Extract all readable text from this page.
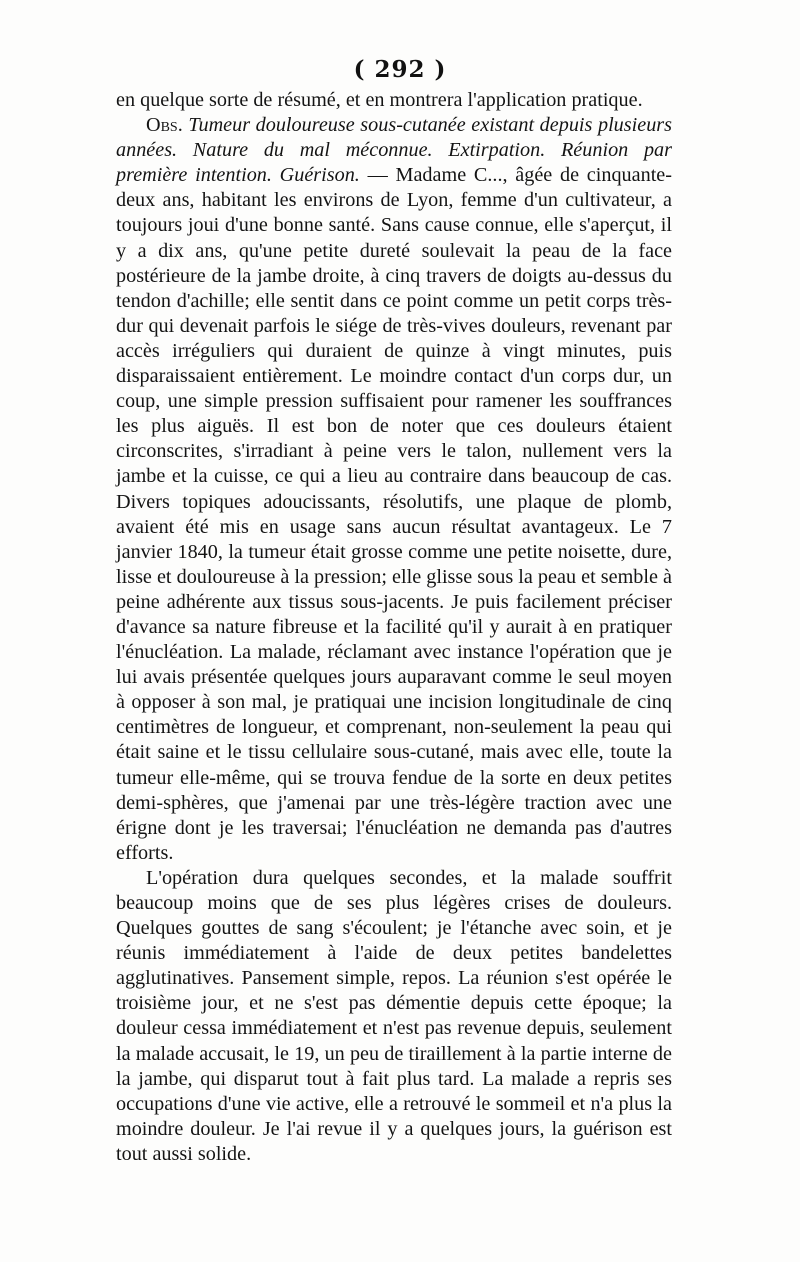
( 292 )

en quelque sorte de résumé, et en montrera l'application pratique.

Obs. Tumeur douloureuse sous-cutanée existant depuis plusieurs années. Nature du mal méconnue. Extirpation. Réunion par première intention. Guérison. — Madame C..., âgée de cinquante-deux ans, habitant les environs de Lyon, femme d'un cultivateur, a toujours joui d'une bonne santé. Sans cause connue, elle s'aperçut, il y a dix ans, qu'une petite dureté soulevait la peau de la face postérieure de la jambe droite, à cinq travers de doigts au-dessus du tendon d'achille; elle sentit dans ce point comme un petit corps très-dur qui devenait parfois le siége de très-vives douleurs, revenant par accès irréguliers qui duraient de quinze à vingt minutes, puis disparaissaient entièrement. Le moindre contact d'un corps dur, un coup, une simple pression suffisaient pour ramener les souffrances les plus aiguës. Il est bon de noter que ces douleurs étaient circonscrites, s'irradiant à peine vers le talon, nullement vers la jambe et la cuisse, ce qui a lieu au contraire dans beaucoup de cas. Divers topiques adoucissants, résolutifs, une plaque de plomb, avaient été mis en usage sans aucun résultat avantageux. Le 7 janvier 1840, la tumeur était grosse comme une petite noisette, dure, lisse et douloureuse à la pression; elle glisse sous la peau et semble à peine adhérente aux tissus sous-jacents. Je puis facilement préciser d'avance sa nature fibreuse et la facilité qu'il y aurait à en pratiquer l'énucléation. La malade, réclamant avec instance l'opération que je lui avais présentée quelques jours auparavant comme le seul moyen à opposer à son mal, je pratiquai une incision longitudinale de cinq centimètres de longueur, et comprenant, non-seulement la peau qui était saine et le tissu cellulaire sous-cutané, mais avec elle, toute la tumeur elle-même, qui se trouva fendue de la sorte en deux petites demi-sphères, que j'amenai par une très-légère traction avec une érigne dont je les traversai; l'énucléation ne demanda pas d'autres efforts.

L'opération dura quelques secondes, et la malade souffrit beaucoup moins que de ses plus légères crises de douleurs. Quelques gouttes de sang s'écoulent; je l'étanche avec soin, et je réunis immédiatement à l'aide de deux petites bandelettes agglutinatives. Pansement simple, repos. La réunion s'est opérée le troisième jour, et ne s'est pas démentie depuis cette époque; la douleur cessa immédiatement et n'est pas revenue depuis, seulement la malade accusait, le 19, un peu de tiraillement à la partie interne de la jambe, qui disparut tout à fait plus tard. La malade a repris ses occupations d'une vie active, elle a retrouvé le sommeil et n'a plus la moindre douleur. Je l'ai revue il y a quelques jours, la guérison est tout aussi solide.
